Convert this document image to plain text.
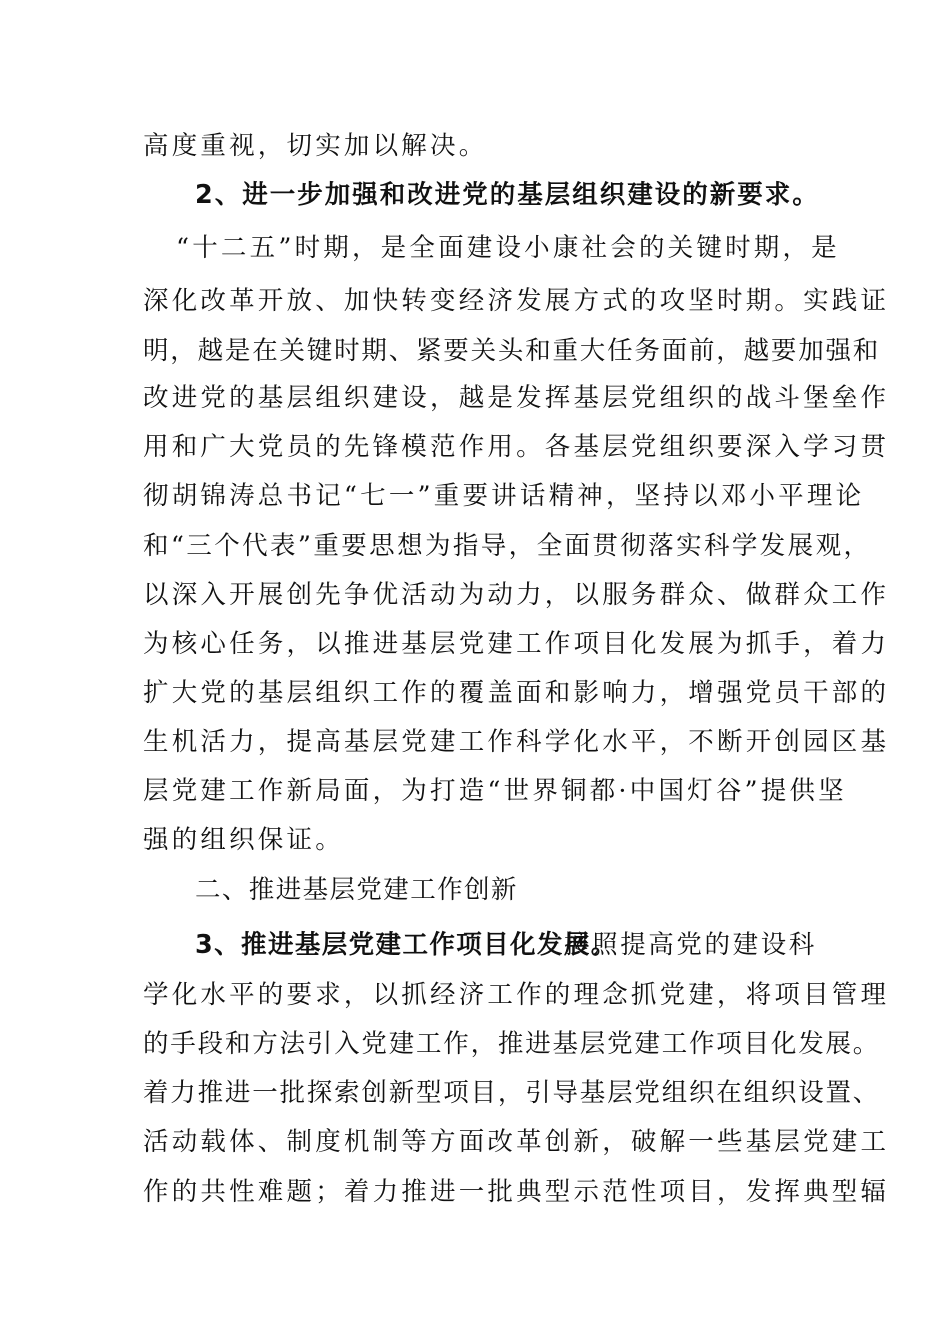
高度重视，切实加以解决。
2、进一步加强和改进党的基层组织建设的新要求。
“十二五”时期，是全面建设小康社会的关键时期，是
深化改革开放、加快转变经济发展方式的攻坚时期。实践证
明，越是在关键时期、紧要关头和重大任务面前，越要加强和
改进党的基层组织建设，越是发挥基层党组织的战斗堡垒作
用和广大党员的先锋模范作用。各基层党组织要深入学习贯
彻胡锦涛总书记“七一”重要讲话精神，坚持以邓小平理论
和“三个代表”重要思想为指导，全面贯彻落实科学发展观，
以深入开展创先争优活动为动力，以服务群众、做群众工作
为核心任务，以推进基层党建工作项目化发展为抓手，着力
扩大党的基层组织工作的覆盖面和影响力，增强党员干部的
生机活力，提高基层党建工作科学化水平，不断开创园区基
层党建工作新局面，为打造“世界铜都·中国灯谷”提供坚
强的组织保证。
二、推进基层党建工作创新
3、推进基层党建工作项目化发展。
按照提高党的建设科
学化水平的要求，以抓经济工作的理念抓党建，将项目管理
的手段和方法引入党建工作，推进基层党建工作项目化发展。
着力推进一批探索创新型项目，引导基层党组织在组织设置、
活动载体、制度机制等方面改革创新，破解一些基层党建工
作的共性难题；着力推进一批典型示范性项目，发挥典型辐
